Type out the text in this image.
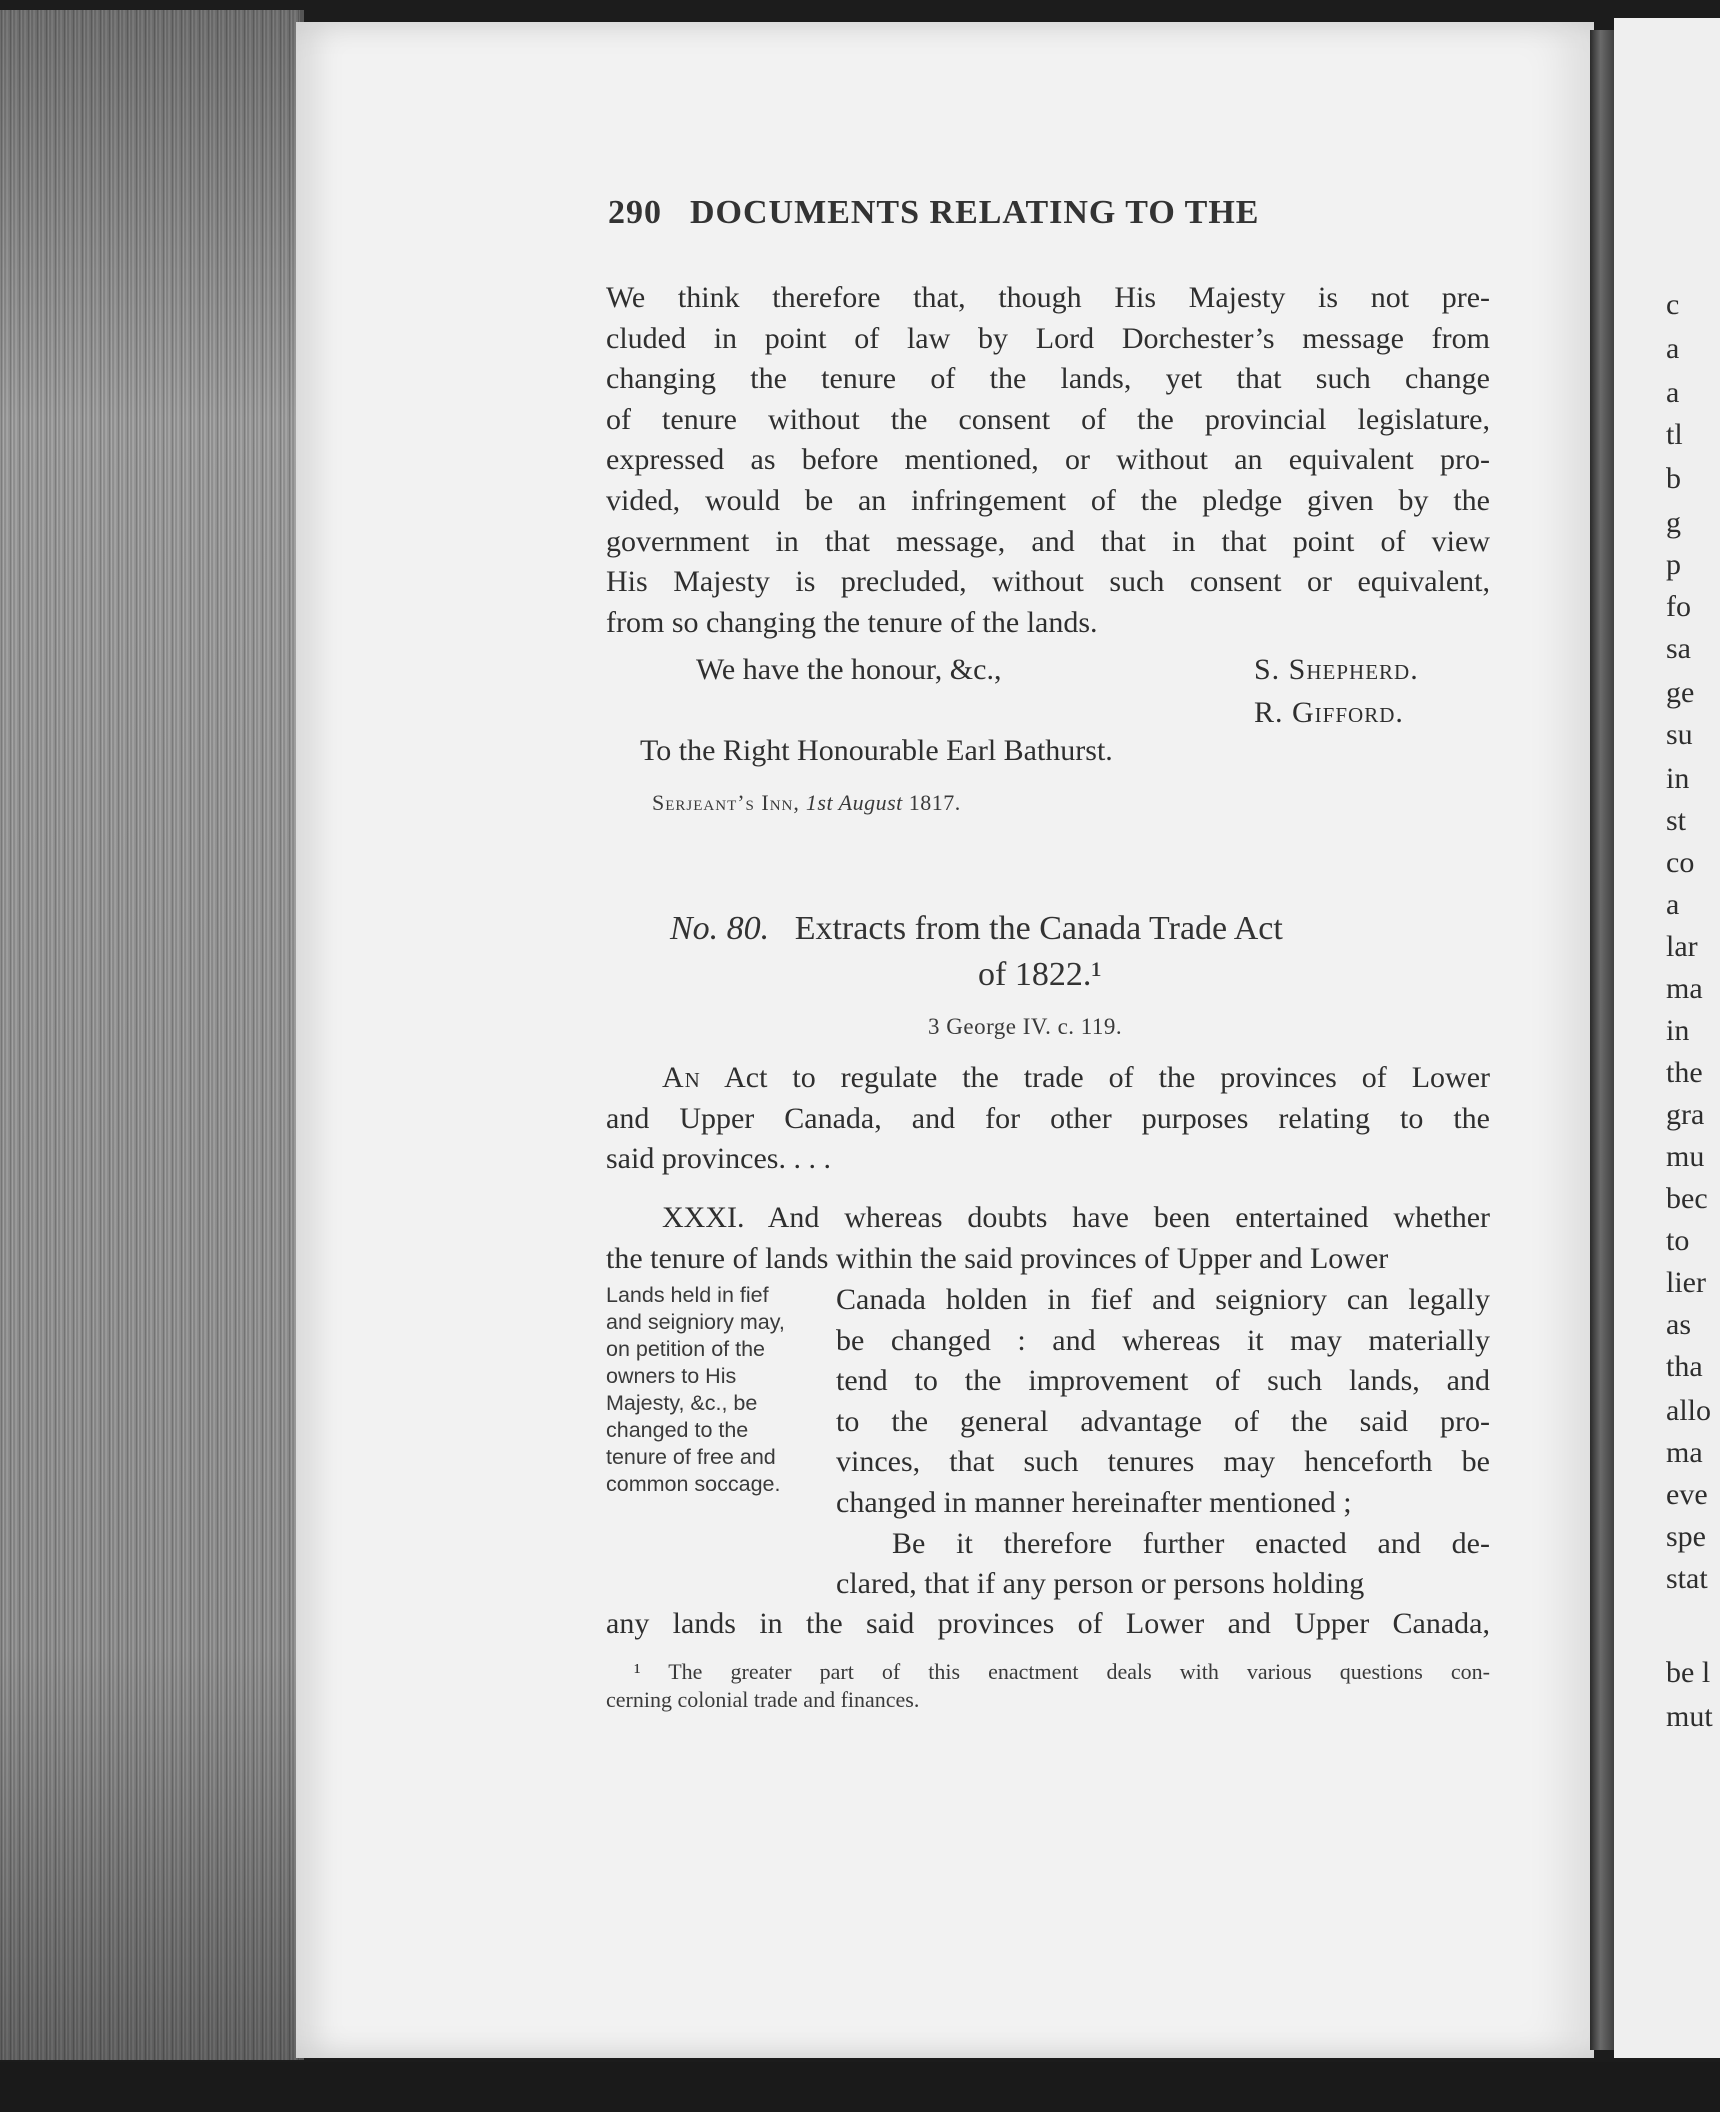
290 DOCUMENTS RELATING TO THE
We think therefore that, though His Majesty is not pre-
cluded in point of law by Lord Dorchester’s message from
changing the tenure of the lands, yet that such change
of tenure without the consent of the provincial legislature,
expressed as before mentioned, or without an equivalent pro-
vided, would be an infringement of the pledge given by the
government in that message, and that in that point of view
His Majesty is precluded, without such consent or equivalent,
from so changing the tenure of the lands.
We have the honour, &c.,	S. Shepherd.
R. Gifford.
To the Right Honourable Earl Bathurst.
Serjeant’s Inn, 1st August 1817.
No. 80. Extracts from the Canada Trade Act
of 1822.¹
3 George IV. c. 119.
An Act to regulate the trade of the provinces of Lower
and Upper Canada, and for other purposes relating to the
said provinces. . . .
XXXI. And whereas doubts have been entertained whether
the tenure of lands within the said provinces of Upper and Lower
Canada holden in fief and seigniory can legally
be changed : and whereas it may materially
tend to the improvement of such lands, and
to the general advantage of the said pro-
vinces, that such tenures may henceforth be
changed in manner hereinafter mentioned ;
Be it therefore further enacted and de-
clared, that if any person or persons holding
any lands in the said provinces of Lower and Upper Canada,
Lands held in fief
and seigniory may,
on petition of the
owners to His
Majesty, &c., be
changed to the
tenure of free and
common soccage.
¹ The greater part of this enactment deals with various questions con-
cerning colonial trade and finances.
c
a
a
tl
b
g
p
fo
sa
ge
su
in
st
co
a
lar
ma
in
the
gra
mu
bec
to
lier
as
tha
allo
ma
eve
spe
stat
be l
mut
